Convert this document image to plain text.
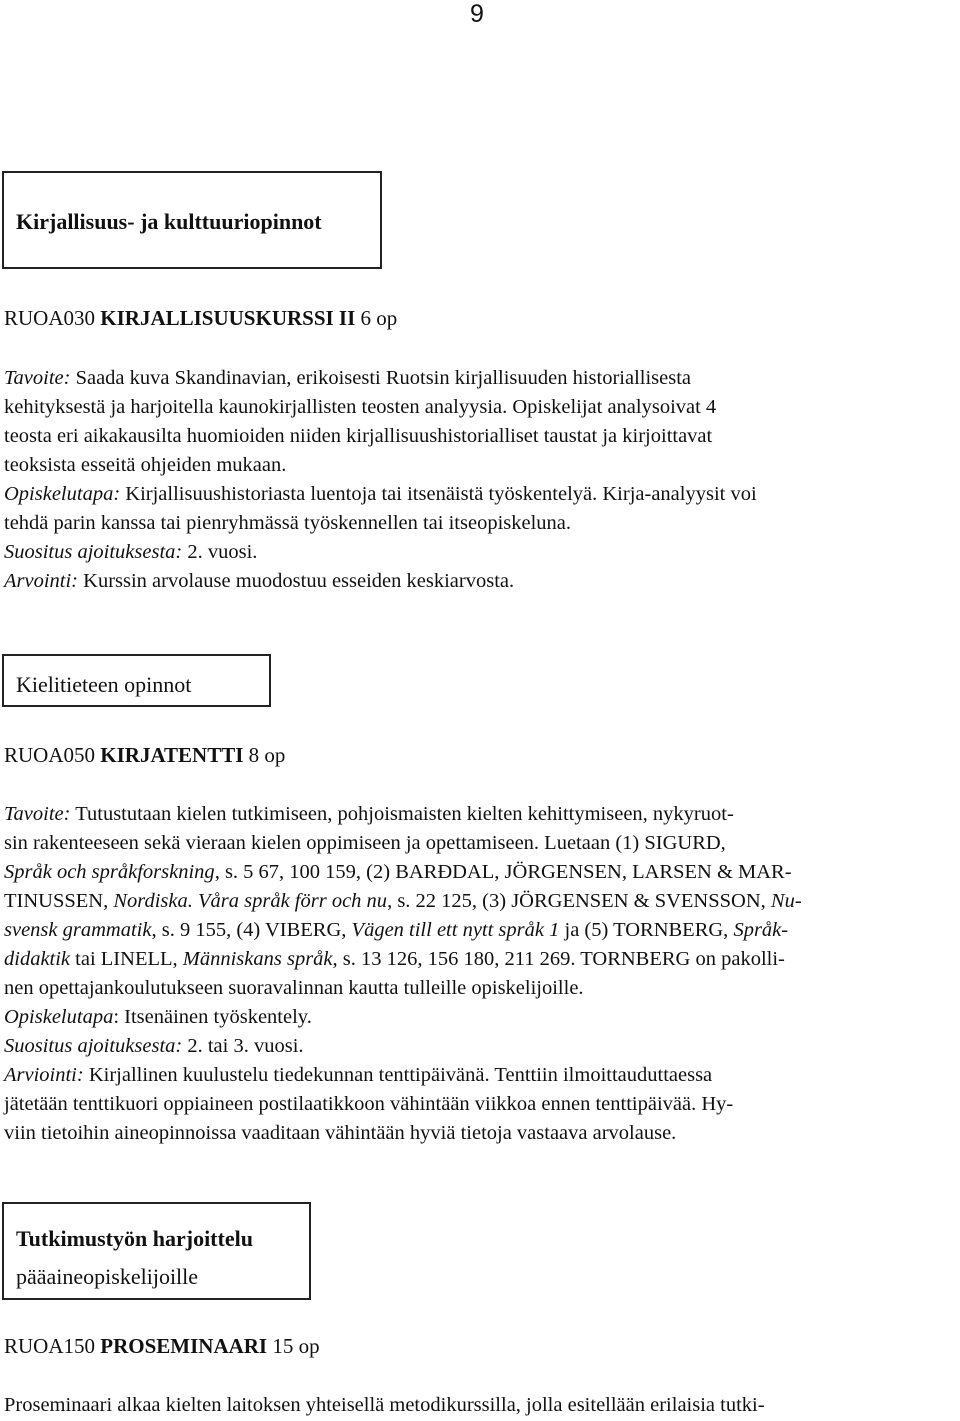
9
Kirjallisuus- ja kulttuuriopinnot
RUOA030 KIRJALLISUUSKURSSI II 6 op
Tavoite: Saada kuva Skandinavian, erikoisesti Ruotsin kirjallisuuden historiallisesta
kehityksestä ja harjoitella kaunokirjallisten teosten analyysia. Opiskelijat analysoivat 4
teosta eri aikakausilta huomioiden niiden kirjallisuushistorialliset taustat ja kirjoittavat
teoksista esseitä ohjeiden mukaan.
Opiskelutapa: Kirjallisuushistoriasta luentoja tai itsenäistä työskentelyä. Kirja-analyysit voi
tehdä parin kanssa tai pienryhmässä työskennellen tai itseopiskeluna.
Suositus ajoituksesta: 2. vuosi.
Arvointi: Kurssin arvolause muodostuu esseiden keskiarvosta.
Kielitieteen opinnot
RUOA050 KIRJATENTTI 8 op
Tavoite: Tutustutaan kielen tutkimiseen, pohjoismaisten kielten kehittymiseen, nykyruot-
sin rakenteeseen sekä vieraan kielen oppimiseen ja opettamiseen. Luetaan (1) SIGURD,
Språk och språkforskning, s. 5 67, 100 159, (2) BARÐDAL, JÖRGENSEN, LARSEN & MAR-
TINUSSEN, Nordiska. Våra språk förr och nu, s. 22 125, (3) JÖRGENSEN & SVENSSON, Nu-
svensk grammatik, s. 9 155, (4) VIBERG, Vägen till ett nytt språk 1 ja (5) TORNBERG, Språk-
didaktik tai LINELL, Människans språk, s. 13 126, 156 180, 211 269. TORNBERG on pakolli-
nen opettajankoulutukseen suoravalinnan kautta tulleille opiskelijoille.
Opiskelutapa: Itsenäinen työskentely.
Suositus ajoituksesta: 2. tai 3. vuosi.
Arviointi: Kirjallinen kuulustelu tiedekunnan tenttipäivänä. Tenttiin ilmoittauduttaessa
jätetään tenttikuori oppiaineen postilaatikkoon vähintään viikkoa ennen tenttipäivää. Hy-
viin tietoihin aineopinnoissa vaaditaan vähintään hyviä tietoja vastaava arvolause.
Tutkimustyön harjoittelu
pääaineopiskelijoille
RUOA150 PROSEMINAARI 15 op
Proseminaari alkaa kielten laitoksen yhteisellä metodikurssilla, jolla esitellään erilaisia tutki-
